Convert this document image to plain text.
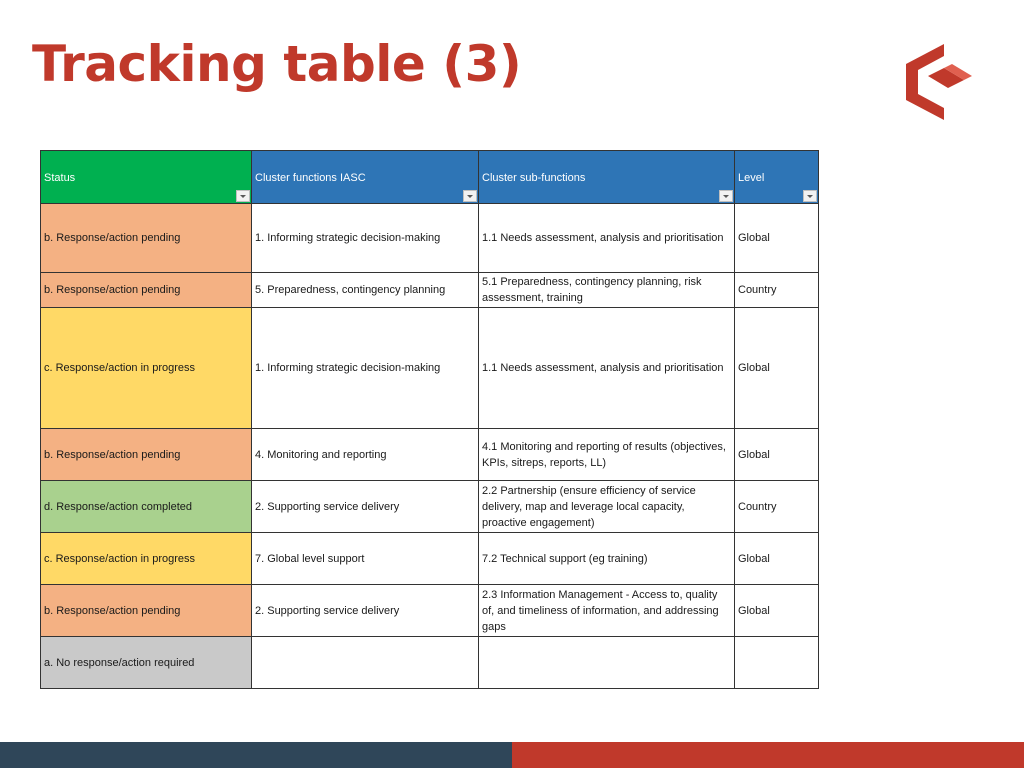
Tracking table (3)
Status	Cluster functions IASC	Cluster sub-functions	Level

b. Response/action pending	1. Informing strategic decision-making	1.1 Needs assessment, analysis and prioritisation	Global
b. Response/action pending	5. Preparedness, contingency planning	5.1 Preparedness, contingency planning, risk assessment, training	Country
c. Response/action in progress	1. Informing strategic decision-making	1.1 Needs assessment, analysis and prioritisation	Global
b. Response/action pending	4. Monitoring and reporting	4.1 Monitoring and reporting of results (objectives, KPIs, sitreps, reports, LL)	Global
d. Response/action completed	2. Supporting service delivery	2.2 Partnership (ensure efficiency of service delivery, map and leverage local capacity, proactive engagement)	Country
c. Response/action in progress	7. Global level support	7.2 Technical support (eg training)	Global
b. Response/action pending	2. Supporting service delivery	2.3 Information Management - Access to, quality of, and timeliness of information, and addressing gaps	Global
a. No response/action required			
